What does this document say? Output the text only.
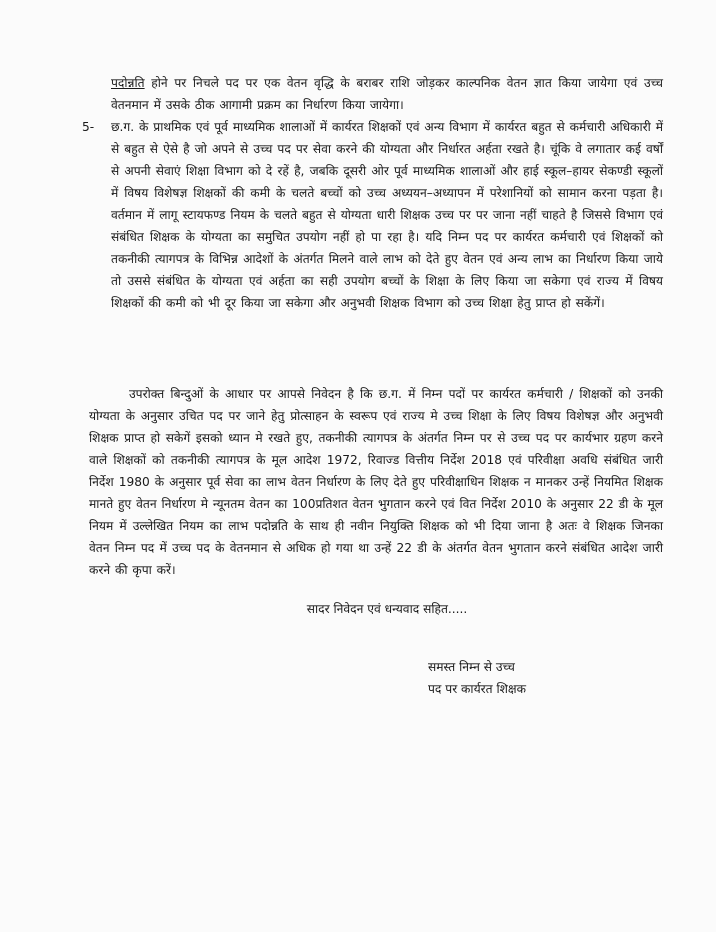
पदोन्नति होने पर निचले पद पर एक वेतन वृद्धि के बराबर राशि जोड़कर काल्पनिक वेतन ज्ञात किया जायेगा एवं उच्च वेतनमान में उसके ठीक आगामी प्रक्रम का निर्धारण किया जायेगा।

5- छ.ग. के प्राथमिक एवं पूर्व माध्यमिक शालाओं में कार्यरत शिक्षकों एवं अन्य विभाग में कार्यरत बहुत से कर्मचारी अधिकारी में से बहुत से ऐसे है जो अपने से उच्च पद पर सेवा करने की योग्यता और निर्धारत अर्हता रखते है। चूंकि वे लगातार कई वर्षों से अपनी सेवाएं शिक्षा विभाग को दे रहें है, जबकि दूसरी ओर पूर्व माध्यमिक शालाओं और हाई स्कूल–हायर सेकण्डी स्कूलों में विषय विशेषज्ञ शिक्षकों की कमी के चलते बच्चों को उच्च अध्ययन–अध्यापन में परेशानियों को सामान करना पड़ता है। वर्तमान में लागू स्टायफण्ड नियम के चलते बहुत से योग्यता धारी शिक्षक उच्च पर पर जाना नहीं चाहते है जिससे विभाग एवं संबंधित शिक्षक के योग्यता का समुचित उपयोग नहीं हो पा रहा है। यदि निम्न पद पर कार्यरत कर्मचारी एवं शिक्षकों को तकनीकी त्यागपत्र के विभिन्न आदेशों के अंतर्गत मिलने वाले लाभ को देते हुए वेतन एवं अन्य लाभ का निर्धारण किया जाये तो उससे संबंधित के योग्यता एवं अर्हता का सही उपयोग बच्चों के शिक्षा के लिए किया जा सकेगा एवं राज्य में विषय शिक्षकों की कमी को भी दूर किया जा सकेगा और अनुभवी शिक्षक विभाग को उच्च शिक्षा हेतु प्राप्त हो सकेंगें।

उपरोक्त बिन्दुओं के आधार पर आपसे निवेदन है कि छ.ग. में निम्न पदों पर कार्यरत कर्मचारी / शिक्षकों को उनकी योग्यता के अनुसार उचित पद पर जाने हेतु प्रोत्साहन के स्वरूप एवं राज्य मे उच्च शिक्षा के लिए विषय विशेषज्ञ और अनुभवी शिक्षक प्राप्त हो सकेगें इसको ध्यान मे रखते हुए, तकनीकी त्यागपत्र के अंतर्गत निम्न पर से उच्च पद पर कार्यभार ग्रहण करने वाले शिक्षकों को तकनीकी त्यागपत्र के मूल आदेश 1972, रिवाज्ड वित्तीय निर्देश 2018 एवं परिवीक्षा अवधि संबंधित जारी निर्देश 1980 के अनुसार पूर्व सेवा का लाभ वेतन निर्धारण के लिए देते हुए परिवीक्षाधिन शिक्षक न मानकर उन्हें नियमित शिक्षक मानते हुए वेतन निर्धारण मे न्यूनतम वेतन का 100प्रतिशत वेतन भुगतान करने एवं वित निर्देश 2010 के अनुसार 22 डी के मूल नियम में उल्लेखित नियम का लाभ पदोन्नति के साथ ही नवीन नियुक्ति शिक्षक को भी दिया जाना है अतः वे शिक्षक जिनका वेतन निम्न पद में उच्च पद के वेतनमान से अधिक हो गया था उन्हें 22 डी के अंतर्गत वेतन भुगतान करने संबंधित आदेश जारी करने की कृपा करें।

सादर निवेदन एवं धन्यवाद सहित.....
समस्त निम्न से उच्च
पद पर कार्यरत शिक्षक
